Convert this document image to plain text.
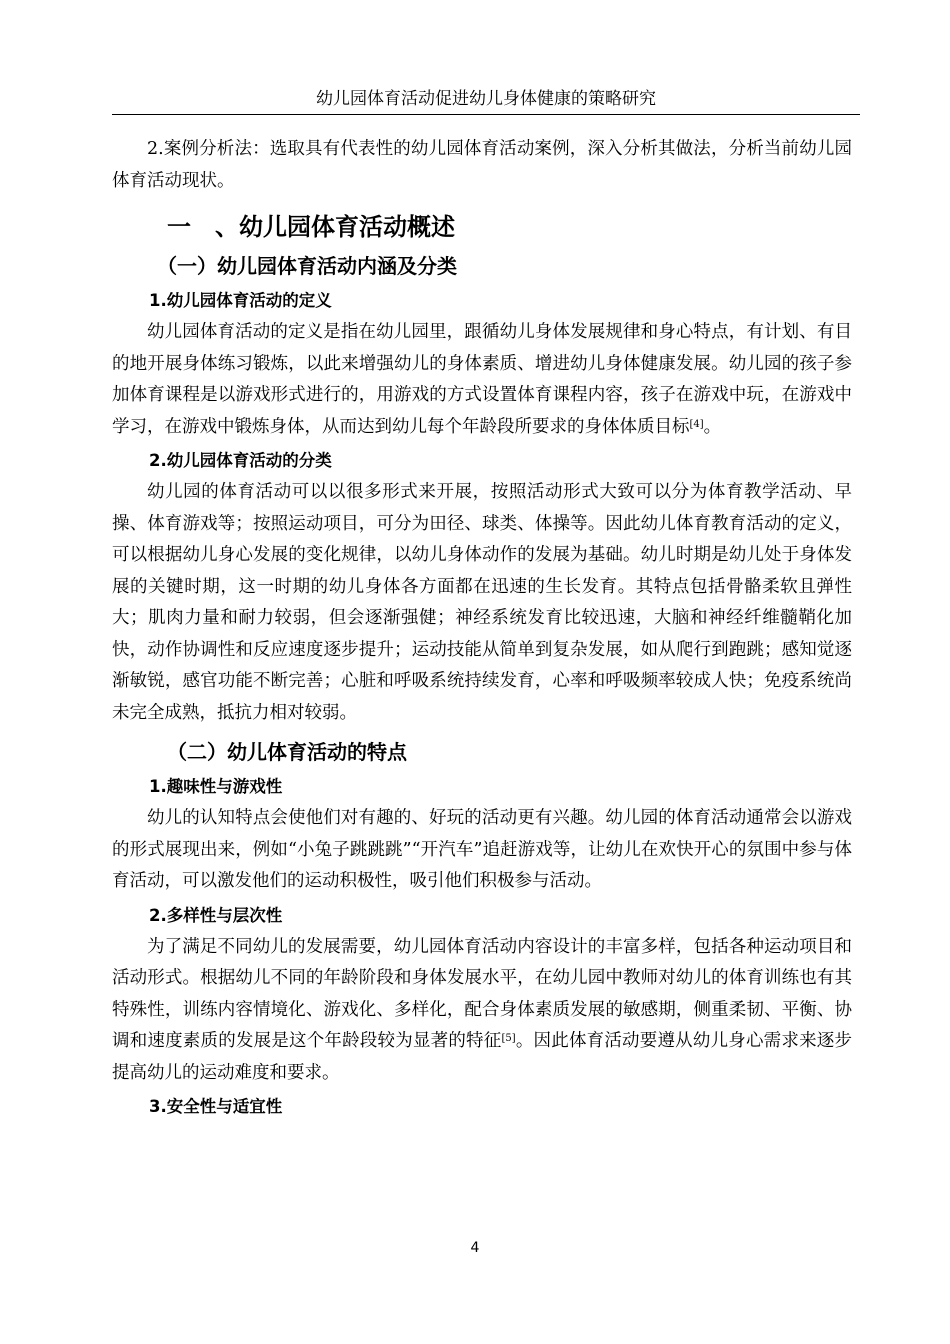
幼儿园体育活动促进幼儿身体健康的策略研究

2.案例分析法：选取具有代表性的幼儿园体育活动案例，深入分析其做法，分析当前幼儿园体育活动现状。

一　、幼儿园体育活动概述
（一）幼儿园体育活动内涵及分类
1.幼儿园体育活动的定义

幼儿园体育活动的定义是指在幼儿园里，跟循幼儿身体发展规律和身心特点，有计划、有目的地开展身体练习锻炼，以此来增强幼儿的身体素质、增进幼儿身体健康发展。幼儿园的孩子参加体育课程是以游戏形式进行的，用游戏的方式设置体育课程内容，孩子在游戏中玩，在游戏中学习，在游戏中锻炼身体，从而达到幼儿每个年龄段所要求的身体体质目标[4]。

2.幼儿园体育活动的分类

幼儿园的体育活动可以以很多形式来开展，按照活动形式大致可以分为体育教学活动、早操、体育游戏等；按照运动项目，可分为田径、球类、体操等。因此幼儿体育教育活动的定义，可以根据幼儿身心发展的变化规律，以幼儿身体动作的发展为基础。幼儿时期是幼儿处于身体发展的关键时期，这一时期的幼儿身体各方面都在迅速的生长发育。其特点包括骨骼柔软且弹性大；肌肉力量和耐力较弱，但会逐渐强健；神经系统发育比较迅速，大脑和神经纤维髓鞘化加快，动作协调性和反应速度逐步提升；运动技能从简单到复杂发展，如从爬行到跑跳；感知觉逐渐敏锐，感官功能不断完善；心脏和呼吸系统持续发育，心率和呼吸频率较成人快；免疫系统尚未完全成熟，抵抗力相对较弱。

（二）幼儿体育活动的特点
1.趣味性与游戏性

幼儿的认知特点会使他们对有趣的、好玩的活动更有兴趣。幼儿园的体育活动通常会以游戏的形式展现出来，例如“小兔子跳跳跳”“开汽车”追赶游戏等，让幼儿在欢快开心的氛围中参与体育活动，可以激发他们的运动积极性，吸引他们积极参与活动。

2.多样性与层次性

为了满足不同幼儿的发展需要，幼儿园体育活动内容设计的丰富多样，包括各种运动项目和活动形式。根据幼儿不同的年龄阶段和身体发展水平，在幼儿园中教师对幼儿的体育训练也有其特殊性，训练内容情境化、游戏化、多样化，配合身体素质发展的敏感期，侧重柔韧、平衡、协调和速度素质的发展是这个年龄段较为显著的特征[5]。因此体育活动要遵从幼儿身心需求来逐步提高幼儿的运动难度和要求。

3.安全性与适宜性
4
